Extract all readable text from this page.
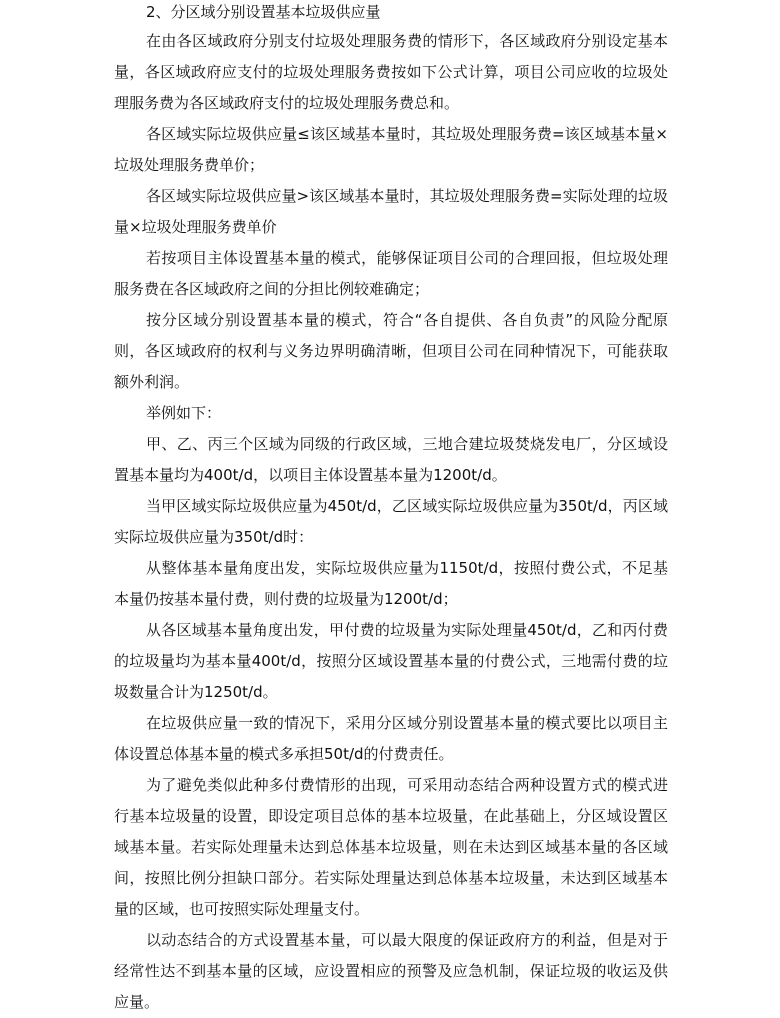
2、分区域分别设置基本垃圾供应量

在由各区域政府分别支付垃圾处理服务费的情形下，各区域政府分别设定基本量，各区域政府应支付的垃圾处理服务费按如下公式计算，项目公司应收的垃圾处理服务费为各区域政府支付的垃圾处理服务费总和。

各区域实际垃圾供应量≤该区域基本量时，其垃圾处理服务费=该区域基本量×垃圾处理服务费单价；

各区域实际垃圾供应量>该区域基本量时，其垃圾处理服务费=实际处理的垃圾量×垃圾处理服务费单价

若按项目主体设置基本量的模式，能够保证项目公司的合理回报，但垃圾处理服务费在各区域政府之间的分担比例较难确定；

按分区域分别设置基本量的模式，符合“各自提供、各自负责”的风险分配原则，各区域政府的权利与义务边界明确清晰，但项目公司在同种情况下，可能获取额外利润。

举例如下：

甲、乙、丙三个区域为同级的行政区域，三地合建垃圾焚烧发电厂，分区域设置基本量均为400t/d，以项目主体设置基本量为1200t/d。

当甲区域实际垃圾供应量为450t/d，乙区域实际垃圾供应量为350t/d，丙区域实际垃圾供应量为350t/d时：

从整体基本量角度出发，实际垃圾供应量为1150t/d，按照付费公式，不足基本量仍按基本量付费，则付费的垃圾量为1200t/d；

从各区域基本量角度出发，甲付费的垃圾量为实际处理量450t/d，乙和丙付费的垃圾量均为基本量400t/d，按照分区域设置基本量的付费公式，三地需付费的垃圾数量合计为1250t/d。

在垃圾供应量一致的情况下，采用分区域分别设置基本量的模式要比以项目主体设置总体基本量的模式多承担50t/d的付费责任。

为了避免类似此种多付费情形的出现，可采用动态结合两种设置方式的模式进行基本垃圾量的设置，即设定项目总体的基本垃圾量，在此基础上，分区域设置区域基本量。若实际处理量未达到总体基本垃圾量，则在未达到区域基本量的各区域间，按照比例分担缺口部分。若实际处理量达到总体基本垃圾量，未达到区域基本量的区域，也可按照实际处理量支付。

以动态结合的方式设置基本量，可以最大限度的保证政府方的利益，但是对于经常性达不到基本量的区域，应设置相应的预警及应急机制，保证垃圾的收运及供应量。
